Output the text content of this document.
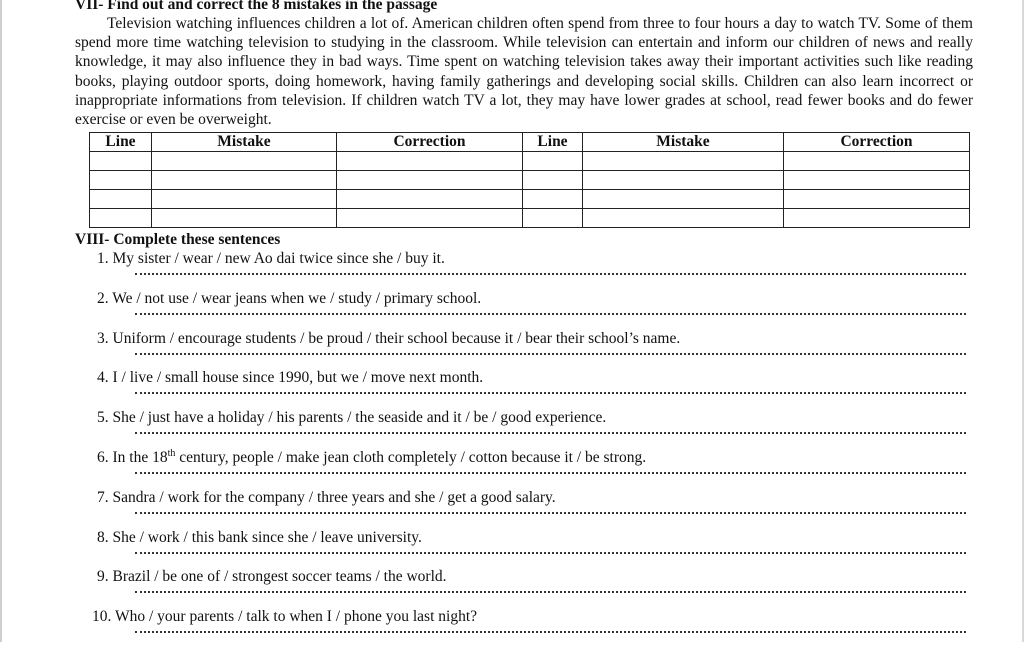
VII- Find out and correct the 8 mistakes in the passage

Television watching influences children a lot of. American children often spend from three to four hours a day to watch TV. Some of them spend more time watching television to studying in the classroom. While television can entertain and inform our children of news and really knowledge, it may also influence they in bad ways. Time spent on watching television takes away their important activities such like reading books, playing outdoor sports, doing homework, having family gatherings and developing social skills. Children can also learn incorrect or inappropriate informations from television. If children watch TV a lot, they may have lower grades at school, read fewer books and do fewer exercise or even be overweight.

Line	Mistake	Correction	Line	Mistake	Correction

VIII- Complete these sentences
1. My sister / wear / new Ao dai twice since she / buy it.
2. We / not use / wear jeans when we / study / primary school.
3. Uniform / encourage students / be proud / their school because it / bear their school’s name.
4. I / live / small house since 1990, but we / move next month.
5. She / just have a holiday / his parents / the seaside and it / be / good experience.
6. In the 18th century, people / make jean cloth completely / cotton because it / be strong.
7. Sandra / work for the company / three years and she / get a good salary.
8. She / work / this bank since she / leave university.
9. Brazil / be one of / strongest soccer teams / the world.
10. Who / your parents / talk to when I / phone you last night?
